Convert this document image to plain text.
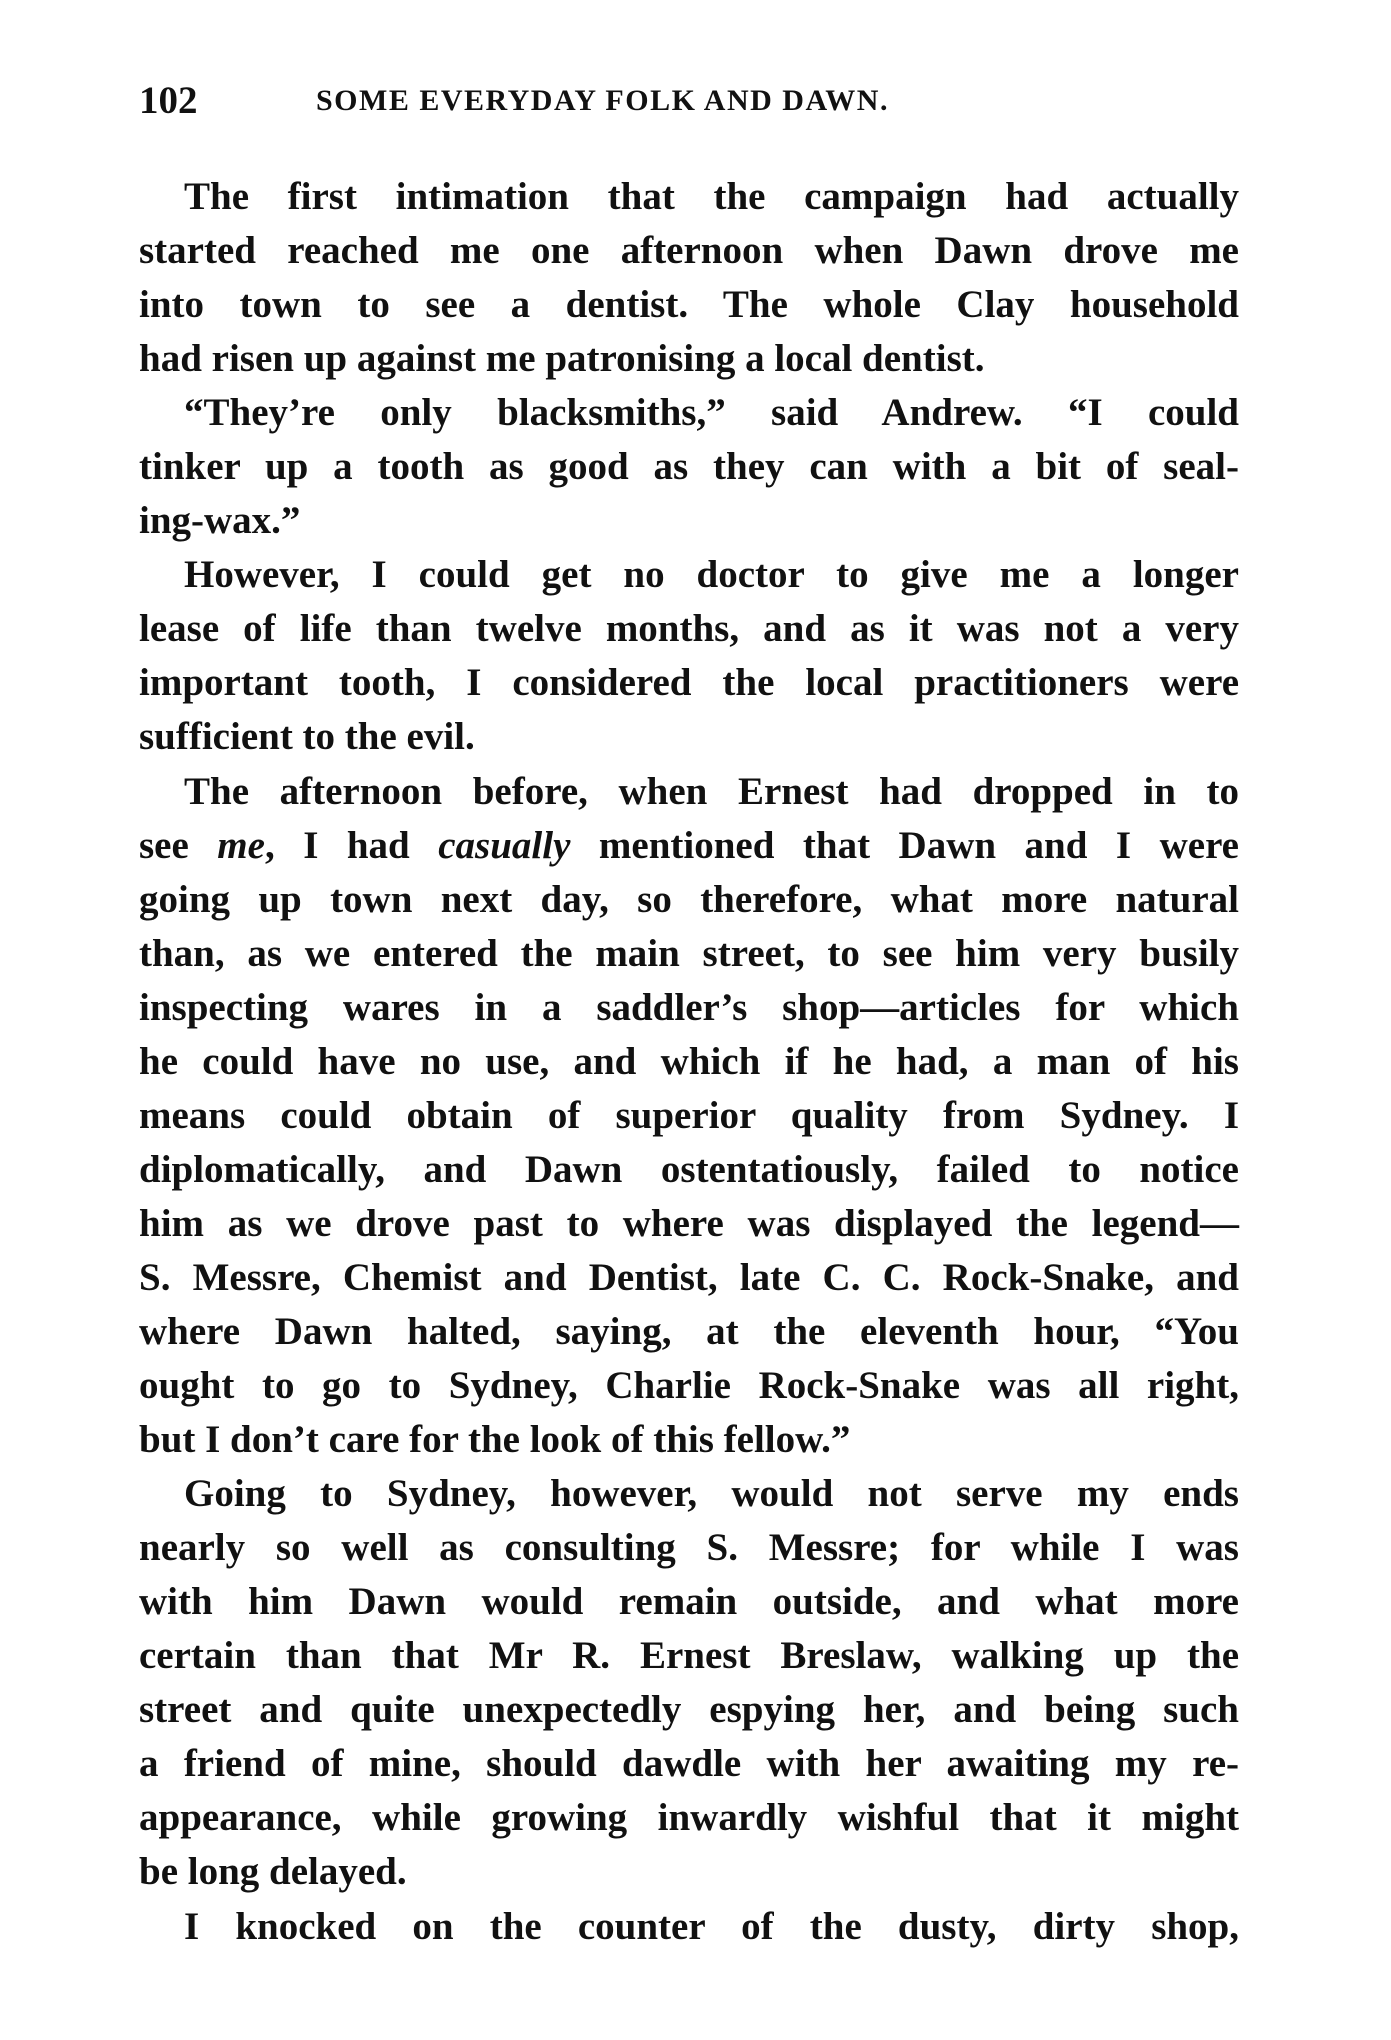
102	SOME EVERYDAY FOLK AND DAWN.
The first intimation that the campaign had actually
started reached me one afternoon when Dawn drove me
into town to see a dentist. The whole Clay household
had risen up against me patronising a local dentist.
“They’re only blacksmiths,” said Andrew. “I could
tinker up a tooth as good as they can with a bit of seal-
ing-wax.”
However, I could get no doctor to give me a longer
lease of life than twelve months, and as it was not a very
important tooth, I considered the local practitioners were
sufficient to the evil.
The afternoon before, when Ernest had dropped in to
see me, I had casually mentioned that Dawn and I were
going up town next day, so therefore, what more natural
than, as we entered the main street, to see him very busily
inspecting wares in a saddler’s shop—articles for which
he could have no use, and which if he had, a man of his
means could obtain of superior quality from Sydney. I
diplomatically, and Dawn ostentatiously, failed to notice
him as we drove past to where was displayed the legend—
S. Messre, Chemist and Dentist, late C. C. Rock-Snake, and
where Dawn halted, saying, at the eleventh hour, “You
ought to go to Sydney, Charlie Rock-Snake was all right,
but I don’t care for the look of this fellow.”
Going to Sydney, however, would not serve my ends
nearly so well as consulting S. Messre; for while I was
with him Dawn would remain outside, and what more
certain than that Mr R. Ernest Breslaw, walking up the
street and quite unexpectedly espying her, and being such
a friend of mine, should dawdle with her awaiting my re-
appearance, while growing inwardly wishful that it might
be long delayed.
I knocked on the counter of the dusty, dirty shop,
